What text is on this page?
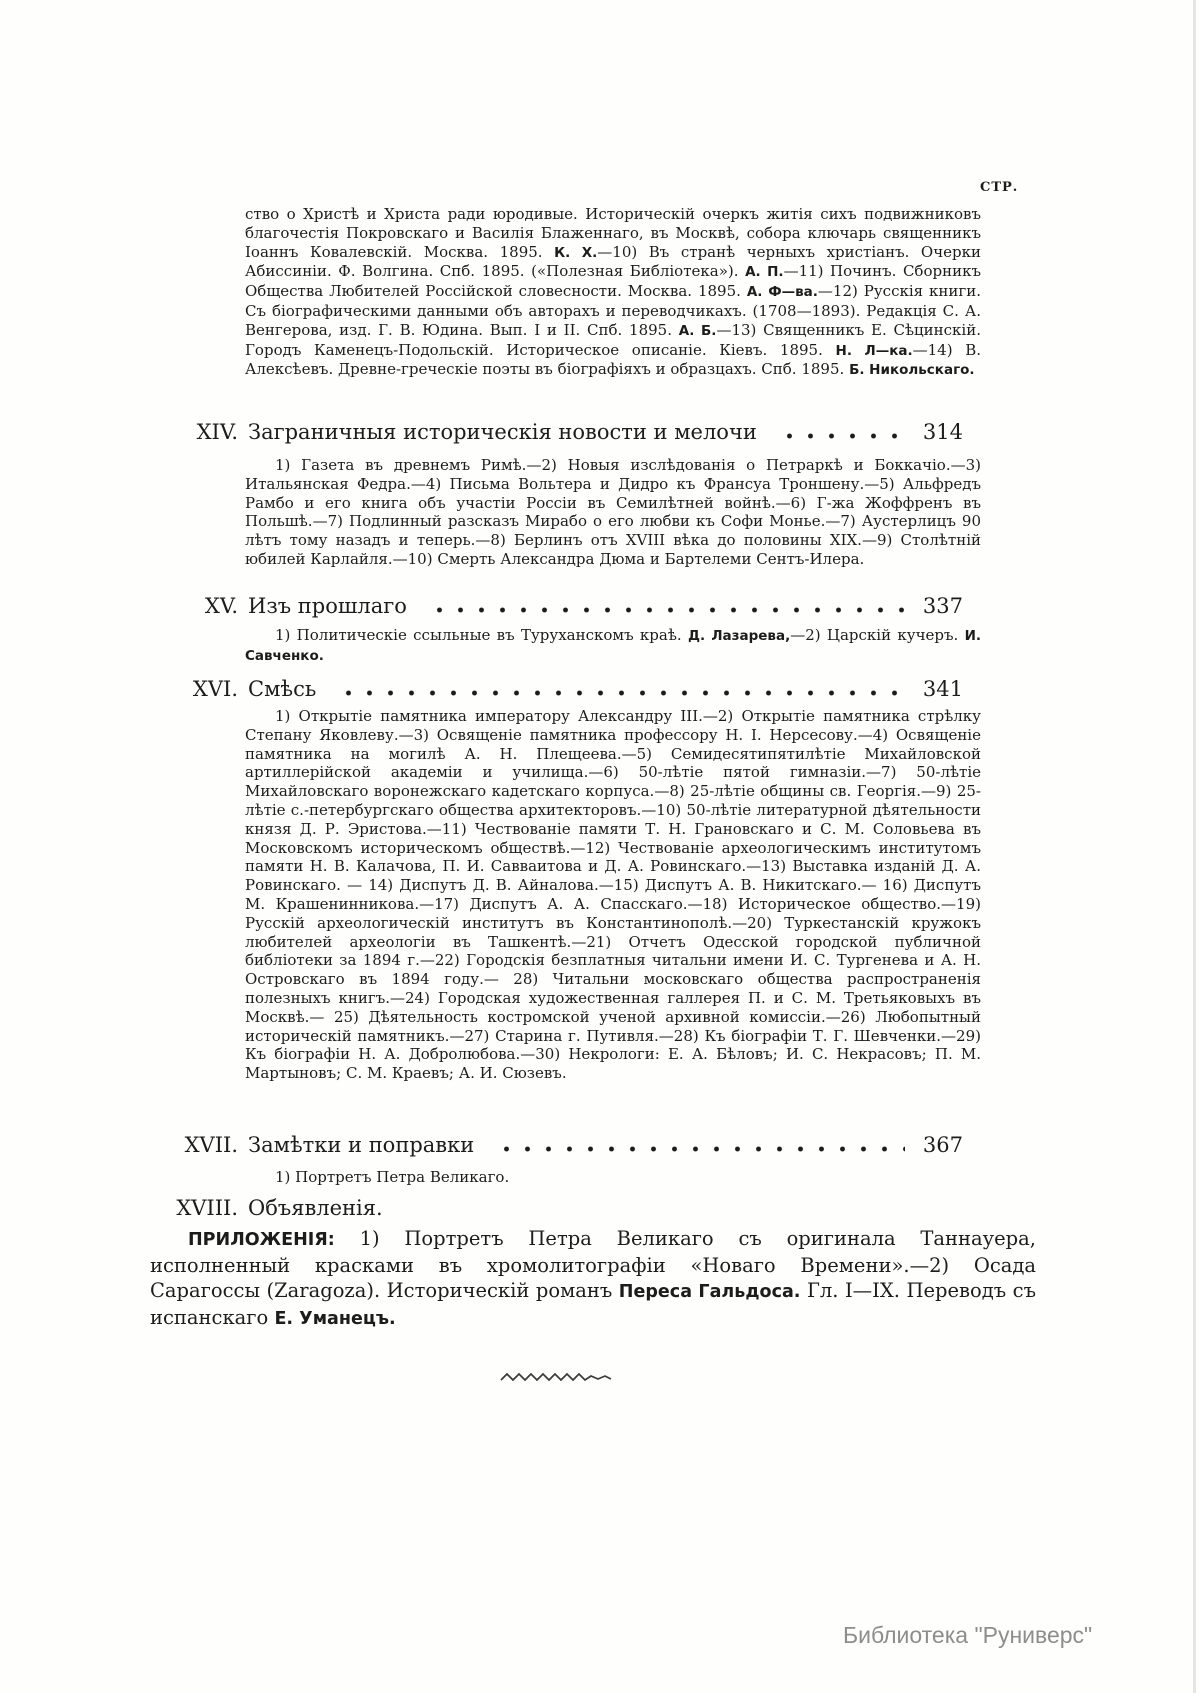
СТР.

ство о Христѣ и Христа ради юродивые. Историческій очеркъ житія сихъ подвижниковъ благочестія Покровскаго и Василія Блаженнаго, въ Москвѣ, собора ключарь священникъ Іоаннъ Ковалевскій. Москва. 1895. К. Х.—10) Въ странѣ черныхъ христіанъ. Очерки Абиссиніи. Ф. Волгина. Спб. 1895. («Полезная Библіотека»). А. П.—11) Починъ. Сборникъ Общества Любителей Россійской словесности. Москва. 1895. А. Ф—ва.—12) Русскія книги. Съ біографическими данными объ авторахъ и переводчикахъ. (1708—1893). Редакція С. А. Венгерова, изд. Г. В. Юдина. Вып. I и II. Спб. 1895. А. Б.—13) Священникъ Е. Сѣцинскій. Городъ Каменецъ-Подольскій. Историческое описаніе. Кіевъ. 1895. Н. Л—ка.—14) В. Алексѣевъ. Древне-греческіе поэты въ біографіяхъ и образцахъ. Спб. 1895. Б. Никольскаго.

XIV. Заграничныя историческія новости и мелочи	314

1) Газета въ древнемъ Римѣ.—2) Новыя изслѣдованія о Петраркѣ и Боккачіо.—3) Итальянская Федра.—4) Письма Вольтера и Дидро къ Франсуа Троншену.—5) Альфредъ Рамбо и его книга объ участіи Россіи въ Семилѣтней войнѣ.—6) Г-жа Жоффренъ въ Польшѣ.—7) Подлинный разсказъ Мирабо о его любви къ Софи Монье.—7) Аустерлицъ 90 лѣтъ тому назадъ и теперь.—8) Берлинъ отъ XVIII вѣка до половины XIX.—9) Столѣтній юбилей Карлайля.—10) Смерть Александра Дюма и Бартелеми Сентъ-Илера.

XV. Изъ прошлаго	337

1) Политическіе ссыльные въ Туруханскомъ краѣ. Д. Лазарева,—2) Царскій кучеръ. И. Савченко.

XVI. Смѣсь	341

1) Открытіе памятника императору Александру III.—2) Открытіе памятника стрѣлку Степану Яковлеву.—3) Освященіе памятника профессору Н. І. Нерсесову.—4) Освященіе памятника на могилѣ А. Н. Плещеева.—5) Семидесятипятилѣтіе Михайловской артиллерійской академіи и училища.—6) 50-лѣтіе пятой гимназіи.—7) 50-лѣтіе Михайловскаго воронежскаго кадетскаго корпуса.—8) 25-лѣтіе общины св. Георгія.—9) 25-лѣтіе с.-петербургскаго общества архитекторовъ.—10) 50-лѣтіе литературной дѣятельности князя Д. Р. Эристова.—11) Чествованіе памяти Т. Н. Грановскаго и С. М. Соловьева въ Московскомъ историческомъ обществѣ.—12) Чествованіе археологическимъ институтомъ памяти Н. В. Калачова, П. И. Савваитова и Д. А. Ровинскаго.—13) Выставка изданій Д. А. Ровинскаго. — 14) Диспутъ Д. В. Айналова.—15) Диспутъ А. В. Никитскаго.— 16) Диспутъ М. Крашенинникова.—17) Диспутъ А. А. Спасскаго.—18) Историческое общество.—19) Русскій археологическій институтъ въ Константинополѣ.—20) Туркестанскій кружокъ любителей археологіи въ Ташкентѣ.—21) Отчетъ Одесской городской публичной библіотеки за 1894 г.—22) Городскія безплатныя читальни имени И. С. Тургенева и А. Н. Островскаго въ 1894 году.— 28) Читальни московскаго общества распространенія полезныхъ книгъ.—24) Городская художественная галлерея П. и С. М. Третьяковыхъ въ Москвѣ.— 25) Дѣятельность костромской ученой архивной комиссіи.—26) Любопытный историческій памятникъ.—27) Старина г. Путивля.—28) Къ біографіи Т. Г. Шевченки.—29) Къ біографіи Н. А. Добролюбова.—30) Некрологи: Е. А. Бѣловъ; И. С. Некрасовъ; П. М. Мартыновъ; С. М. Краевъ; А. И. Сюзевъ.

XVII. Замѣтки и поправки	367

1) Портретъ Петра Великаго.

XVIII. Объявленія.

ПРИЛОЖЕНІЯ: 1) Портретъ Петра Великаго съ оригинала Таннауера, исполненный красками въ хромолитографіи «Новаго Времени».—2) Осада Сарагоссы (Zaragoza). Историческій романъ Переса Гальдоса. Гл. I—IX. Переводъ съ испанскаго Е. Уманецъ.

Библиотека "Руниверс"
